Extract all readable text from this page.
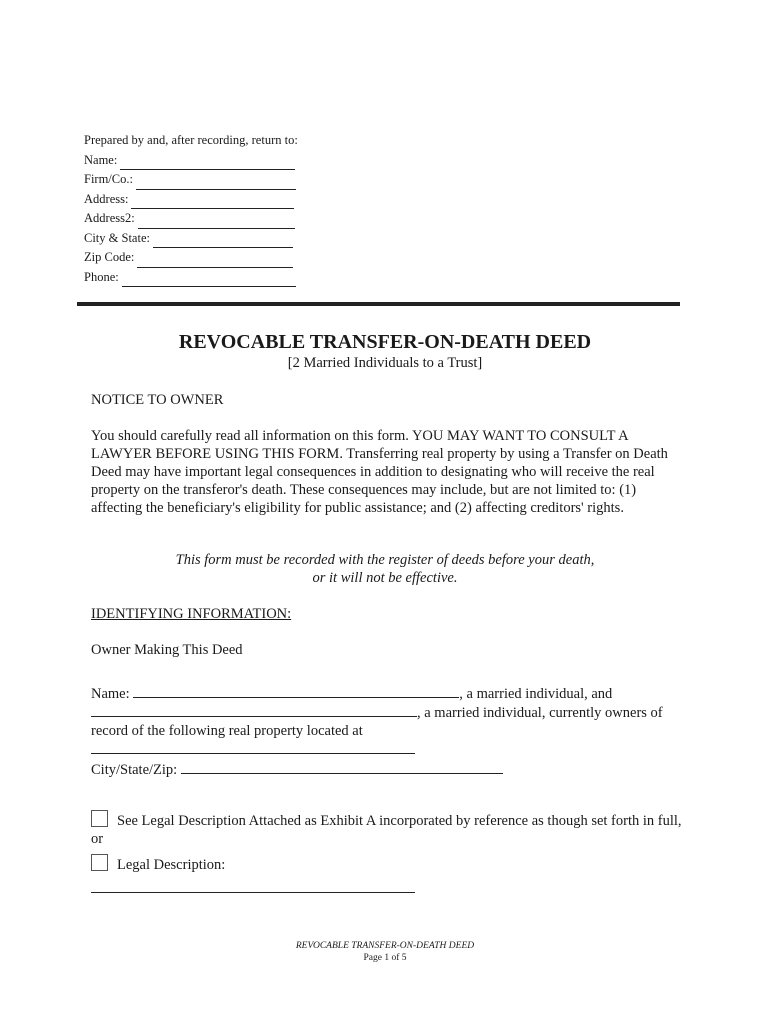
Prepared by and, after recording, return to:
Name:
Firm/Co.:
Address:
Address2:
City & State:
Zip Code:
Phone:
REVOCABLE TRANSFER-ON-DEATH DEED
[2 Married Individuals to a Trust]
NOTICE TO OWNER
You should carefully read all information on this form. YOU MAY WANT TO CONSULT A LAWYER BEFORE USING THIS FORM. Transferring real property by using a Transfer on Death Deed may have important legal consequences in addition to designating who will receive the real property on the transferor's death. These consequences may include, but are not limited to: (1) affecting the beneficiary's eligibility for public assistance; and (2) affecting creditors' rights.
This form must be recorded with the register of deeds before your death,
or it will not be effective.
IDENTIFYING INFORMATION:
Owner Making This Deed
Name:	, a married individual, and
, a married individual, currently owners of
record of the following real property located at
City/State/Zip:
See Legal Description Attached as Exhibit A incorporated by reference as though set forth in full, or
Legal Description:
REVOCABLE TRANSFER-ON-DEATH DEED
Page 1 of 5
